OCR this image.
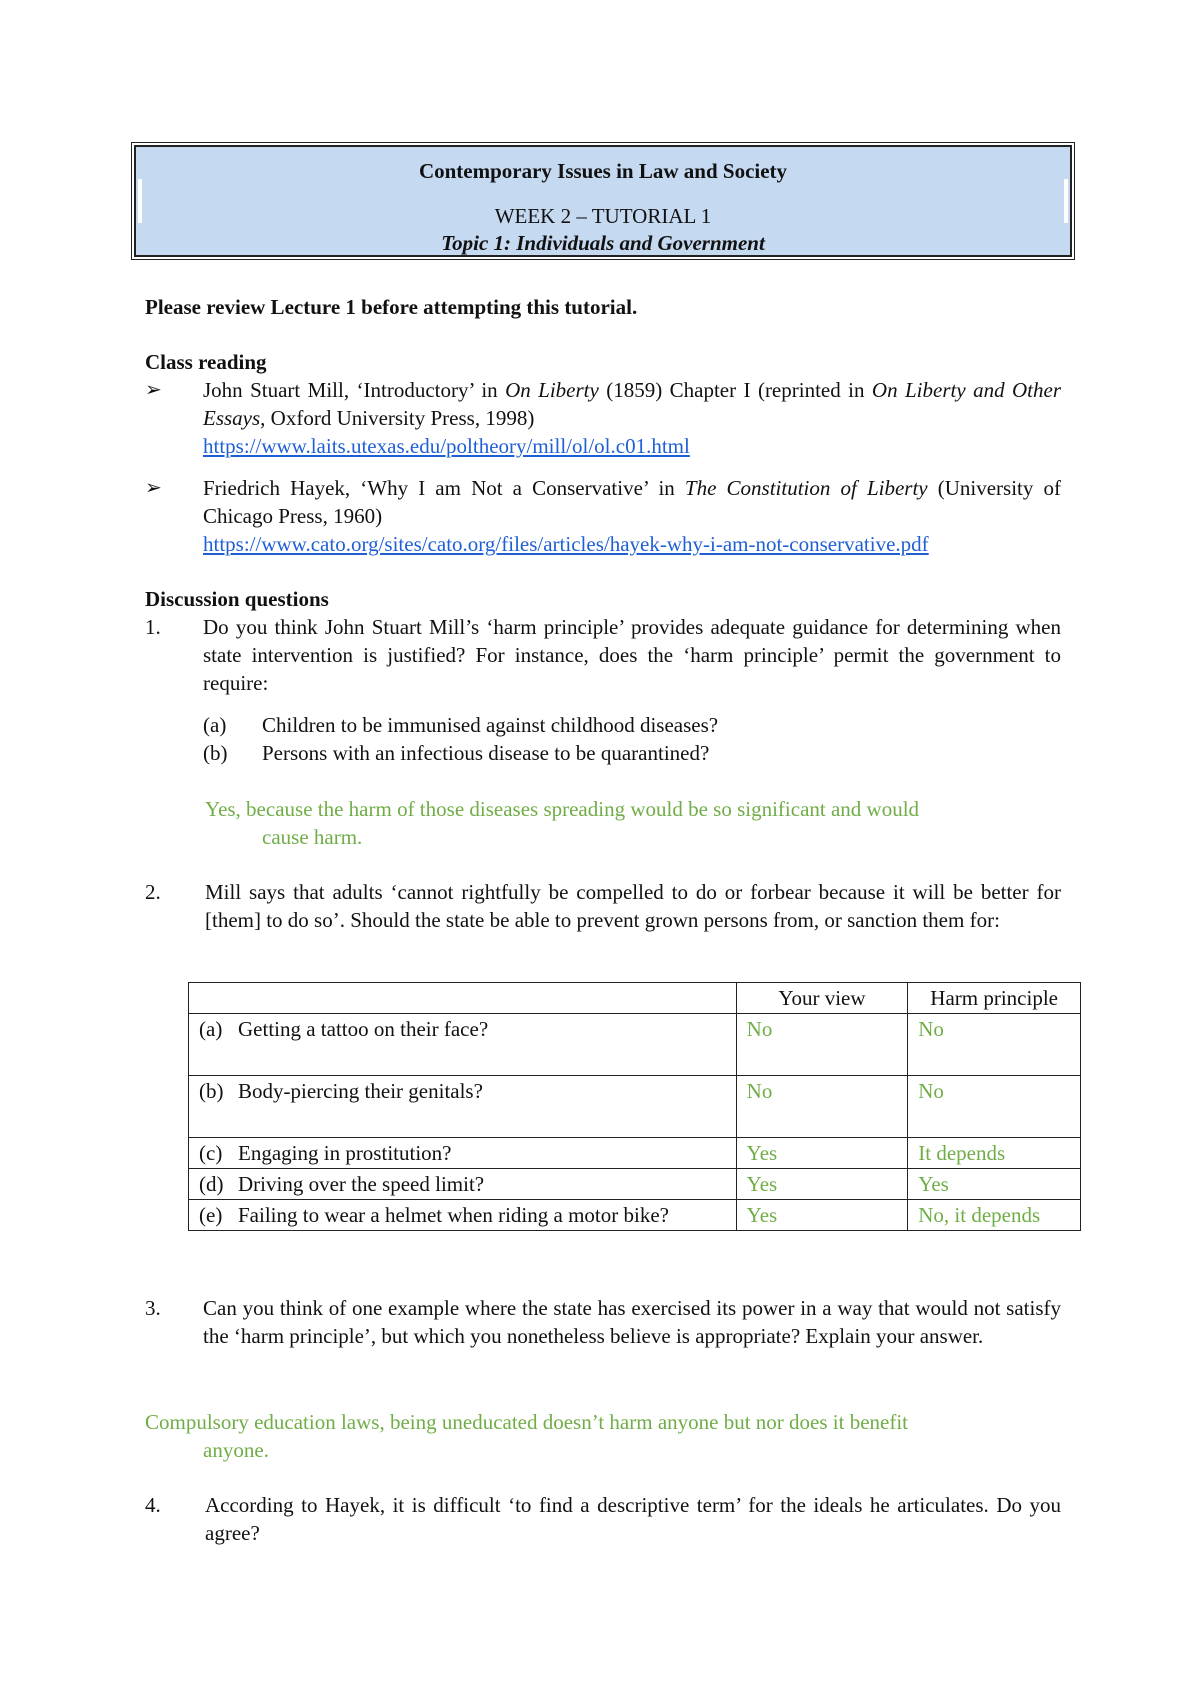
Contemporary Issues in Law and Society
WEEK 2 – TUTORIAL 1
Topic 1: Individuals and Government
Please review Lecture 1 before attempting this tutorial.
Class reading
➢ John Stuart Mill, ‘Introductory’ in On Liberty (1859) Chapter I (reprinted in On Liberty and Other Essays, Oxford University Press, 1998)
https://www.laits.utexas.edu/poltheory/mill/ol/ol.c01.html
➢ Friedrich Hayek, ‘Why I am Not a Conservative’ in The Constitution of Liberty (University of Chicago Press, 1960)
https://www.cato.org/sites/cato.org/files/articles/hayek-why-i-am-not-conservative.pdf
Discussion questions
1. Do you think John Stuart Mill’s ‘harm principle’ provides adequate guidance for determining when state intervention is justified? For instance, does the ‘harm principle’ permit the government to require:
(a) Children to be immunised against childhood diseases?
(b) Persons with an infectious disease to be quarantined?
Yes, because the harm of those diseases spreading would be so significant and would
cause harm.
2. Mill says that adults ‘cannot rightfully be compelled to do or forbear because it will be better for [them] to do so’. Should the state be able to prevent grown persons from, or sanction them for:
	Your view	Harm principle
(a) Getting a tattoo on their face?	No	No
(b) Body-piercing their genitals?	No	No
(c) Engaging in prostitution?	Yes	It depends
(d) Driving over the speed limit?	Yes	Yes
(e) Failing to wear a helmet when riding a motor bike?	Yes	No, it depends
3. Can you think of one example where the state has exercised its power in a way that would not satisfy the ‘harm principle’, but which you nonetheless believe is appropriate? Explain your answer.
Compulsory education laws, being uneducated doesn’t harm anyone but nor does it benefit
anyone.
4. According to Hayek, it is difficult ‘to find a descriptive term’ for the ideals he articulates. Do you agree?
